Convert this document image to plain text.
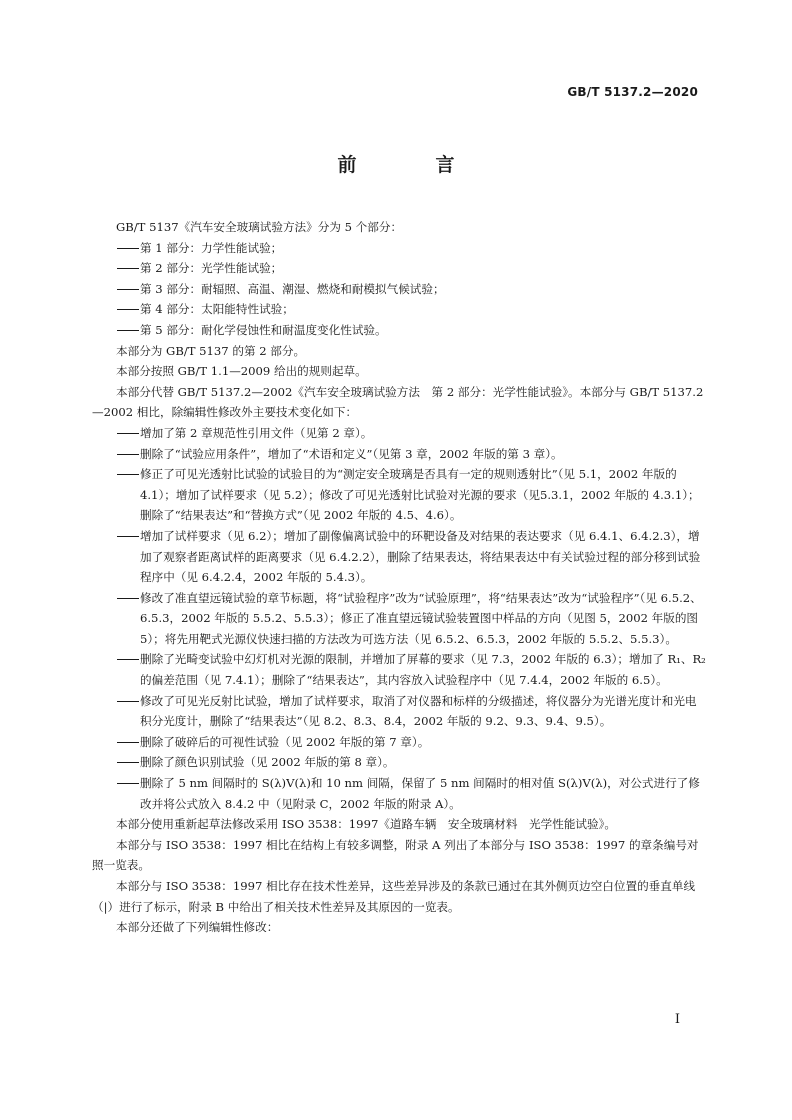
GB/T 5137.2—2020
前　言
GB/T 5137《汽车安全玻璃试验方法》分为 5 个部分：
第 1 部分：力学性能试验；
第 2 部分：光学性能试验；
第 3 部分：耐辐照、高温、潮湿、燃烧和耐模拟气候试验；
第 4 部分：太阳能特性试验；
第 5 部分：耐化学侵蚀性和耐温度变化性试验。
本部分为 GB/T 5137 的第 2 部分。
本部分按照 GB/T 1.1—2009 给出的规则起草。
本部分代替 GB/T 5137.2—2002《汽车安全玻璃试验方法　第 2 部分：光学性能试验》。本部分与 GB/T 5137.2—2002 相比，除编辑性修改外主要技术变化如下：
增加了第 2 章规范性引用文件（见第 2 章）。
删除了“试验应用条件”，增加了“术语和定义”（见第 3 章，2002 年版的第 3 章）。
修正了可见光透射比试验的试验目的为“测定安全玻璃是否具有一定的规则透射比”（见 5.1，2002 年版的 4.1）；增加了试样要求（见 5.2）；修改了可见光透射比试验对光源的要求（见5.3.1，2002 年版的 4.3.1）；删除了“结果表达”和“替换方式”（见 2002 年版的 4.5、4.6）。
增加了试样要求（见 6.2）；增加了副像偏离试验中的环靶设备及对结果的表达要求（见 6.4.1、6.4.2.3），增加了观察者距离试样的距离要求（见 6.4.2.2），删除了结果表达，将结果表达中有关试验过程的部分移到试验程序中（见 6.4.2.4，2002 年版的 5.4.3）。
修改了准直望远镜试验的章节标题，将“试验程序”改为“试验原理”，将“结果表达”改为“试验程序”（见 6.5.2、6.5.3，2002 年版的 5.5.2、5.5.3）；修正了准直望远镜试验装置图中样品的方向（见图 5，2002 年版的图 5）；将先用靶式光源仪快速扫描的方法改为可选方法（见 6.5.2、6.5.3，2002 年版的 5.5.2、5.5.3）。
删除了光畸变试验中幻灯机对光源的限制，并增加了屏幕的要求（见 7.3，2002 年版的 6.3）；增加了 R₁、R₂的偏差范围（见 7.4.1）；删除了“结果表达”，其内容放入试验程序中（见 7.4.4，2002 年版的 6.5）。
修改了可见光反射比试验，增加了试样要求，取消了对仪器和标样的分级描述，将仪器分为光谱光度计和光电积分光度计，删除了“结果表达”（见 8.2、8.3、8.4，2002 年版的 9.2、9.3、9.4、9.5）。
删除了破碎后的可视性试验（见 2002 年版的第 7 章）。
删除了颜色识别试验（见 2002 年版的第 8 章）。
删除了 5 nm 间隔时的 S(λ)V(λ)和 10 nm 间隔，保留了 5 nm 间隔时的相对值 S(λ)V(λ)，对公式进行了修改并将公式放入 8.4.2 中（见附录 C，2002 年版的附录 A）。
本部分使用重新起草法修改采用 ISO 3538：1997《道路车辆　安全玻璃材料　光学性能试验》。
本部分与 ISO 3538：1997 相比在结构上有较多调整，附录 A 列出了本部分与 ISO 3538：1997 的章条编号对照一览表。
本部分与 ISO 3538：1997 相比存在技术性差异，这些差异涉及的条款已通过在其外侧页边空白位置的垂直单线（|）进行了标示，附录 B 中给出了相关技术性差异及其原因的一览表。
本部分还做了下列编辑性修改：
I
